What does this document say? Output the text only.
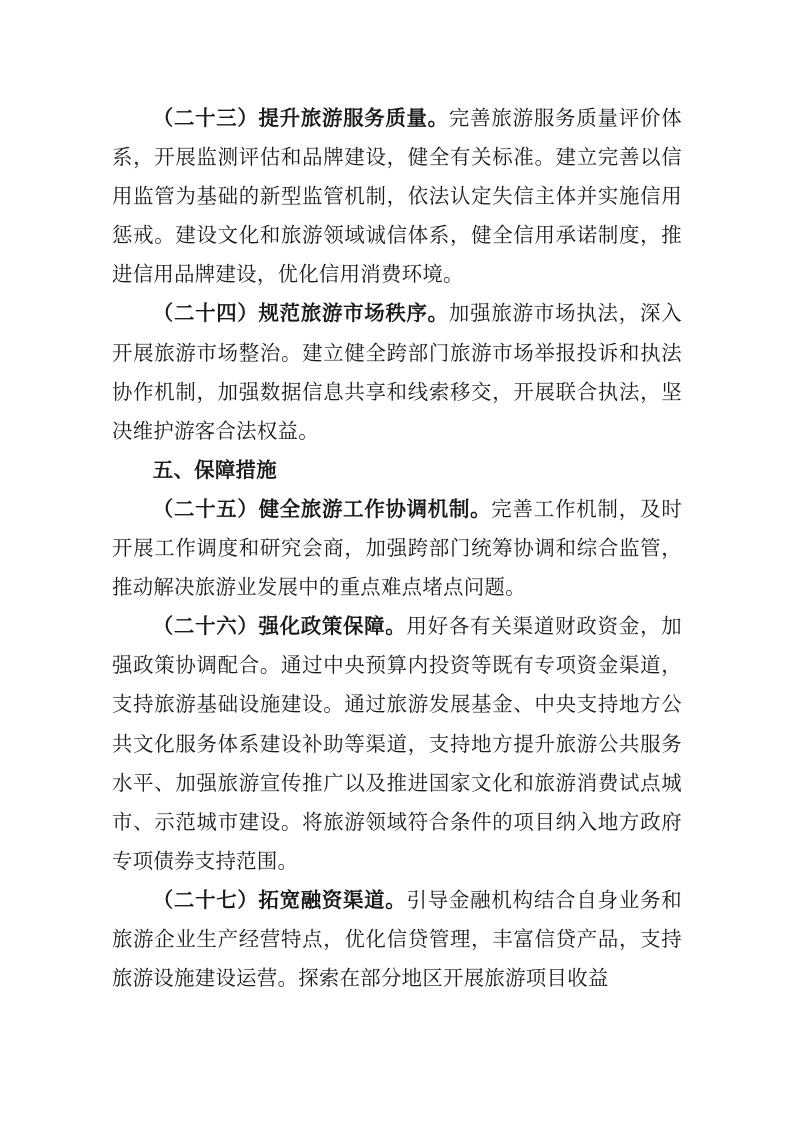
（二十三）提升旅游服务质量。完善旅游服务质量评价体系，开展监测评估和品牌建设，健全有关标准。建立完善以信用监管为基础的新型监管机制，依法认定失信主体并实施信用惩戒。建设文化和旅游领域诚信体系，健全信用承诺制度，推进信用品牌建设，优化信用消费环境。

（二十四）规范旅游市场秩序。加强旅游市场执法，深入开展旅游市场整治。建立健全跨部门旅游市场举报投诉和执法协作机制，加强数据信息共享和线索移交，开展联合执法，坚决维护游客合法权益。

五、保障措施

（二十五）健全旅游工作协调机制。完善工作机制，及时开展工作调度和研究会商，加强跨部门统筹协调和综合监管，推动解决旅游业发展中的重点难点堵点问题。

（二十六）强化政策保障。用好各有关渠道财政资金，加强政策协调配合。通过中央预算内投资等既有专项资金渠道，支持旅游基础设施建设。通过旅游发展基金、中央支持地方公共文化服务体系建设补助等渠道，支持地方提升旅游公共服务水平、加强旅游宣传推广以及推进国家文化和旅游消费试点城市、示范城市建设。将旅游领域符合条件的项目纳入地方政府专项债券支持范围。

（二十七）拓宽融资渠道。引导金融机构结合自身业务和旅游企业生产经营特点，优化信贷管理，丰富信贷产品，支持旅游设施建设运营。探索在部分地区开展旅游项目收益
